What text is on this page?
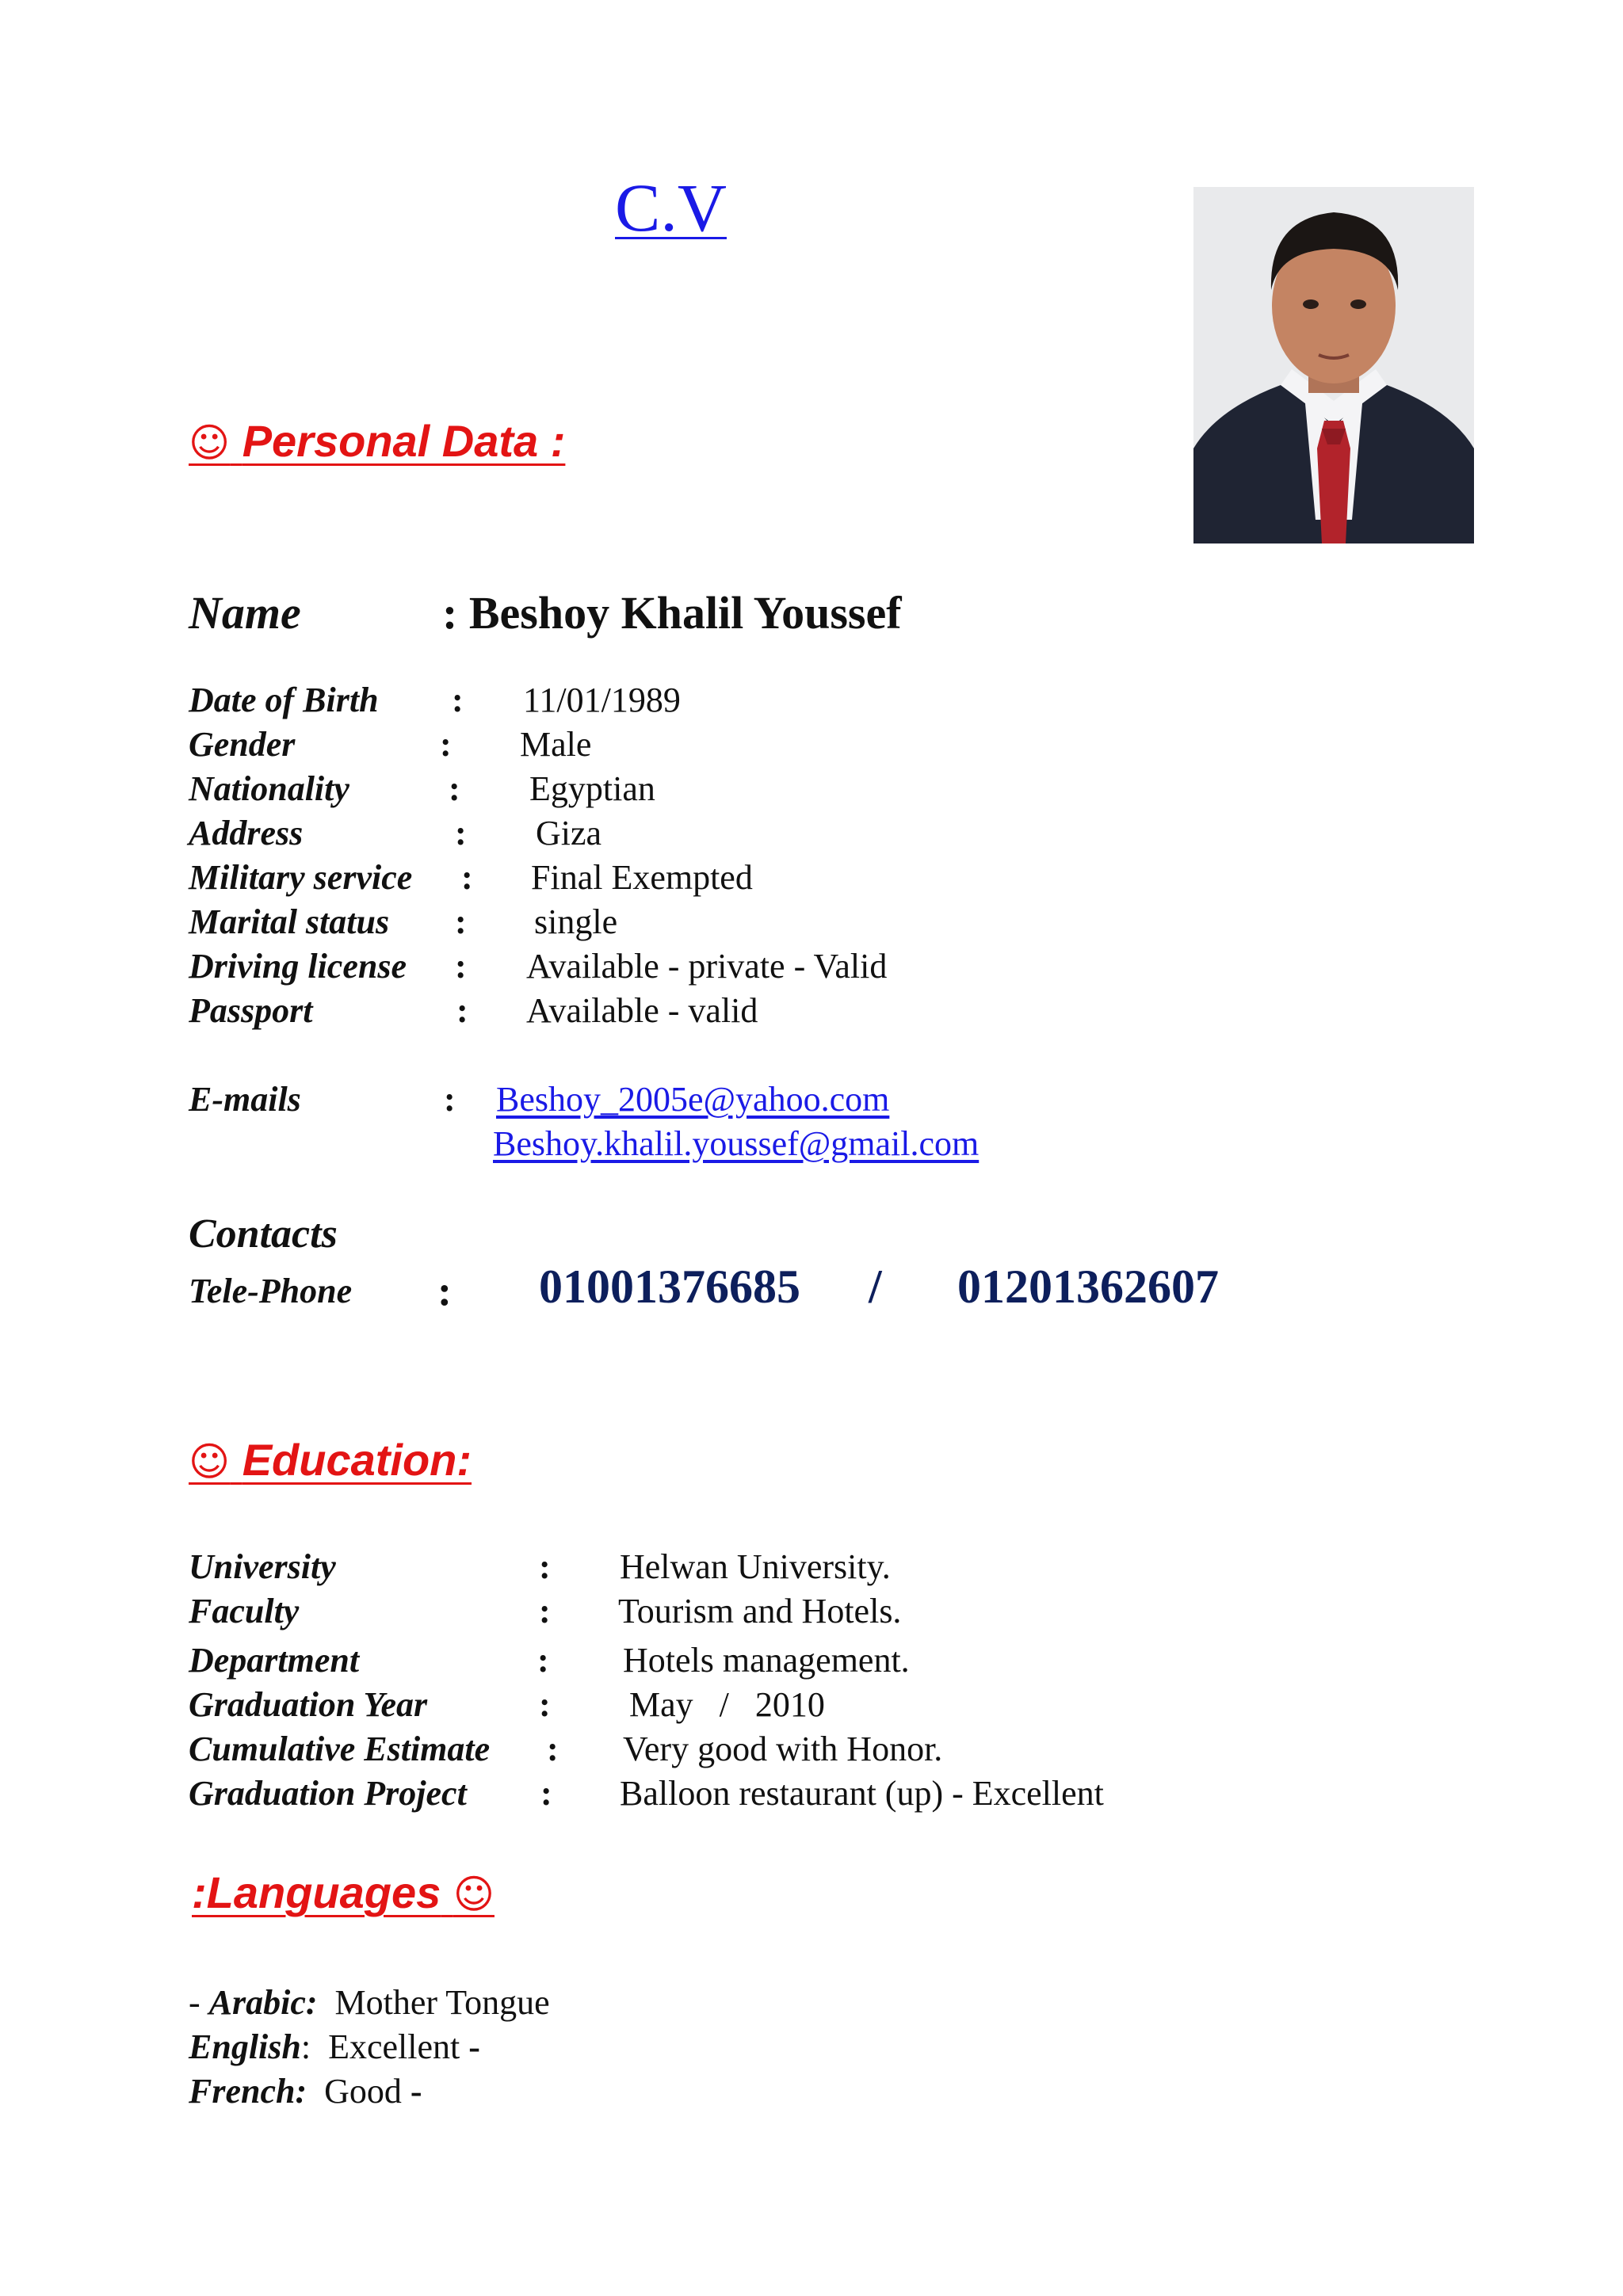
C.V
☺ Personal Data :
Name	: Beshoy Khalil Youssef
Date of Birth : 11/01/1989
Gender	: Male
Nationality	: Egyptian
Address	: Giza
Military service : Final Exempted
Marital status : single
Driving license : Available - private - Valid
Passport	: Available - valid
E-mails	: Beshoy_2005e@yahoo.com
Beshoy.khalil.youssef@gmail.com
Contacts
Tele-Phone : 01001376685 / 01201362607
☺ Education:
University	: Helwan University.
Faculty	: Tourism and Hotels.
Department	: Hotels management.
Graduation Year	: May   /   2010
Cumulative Estimate : Very good with Honor.
Graduation Project : Balloon restaurant (up) - Excellent
:Languages ☺
- Arabic:  Mother Tongue
English:  Excellent -
French:  Good -
